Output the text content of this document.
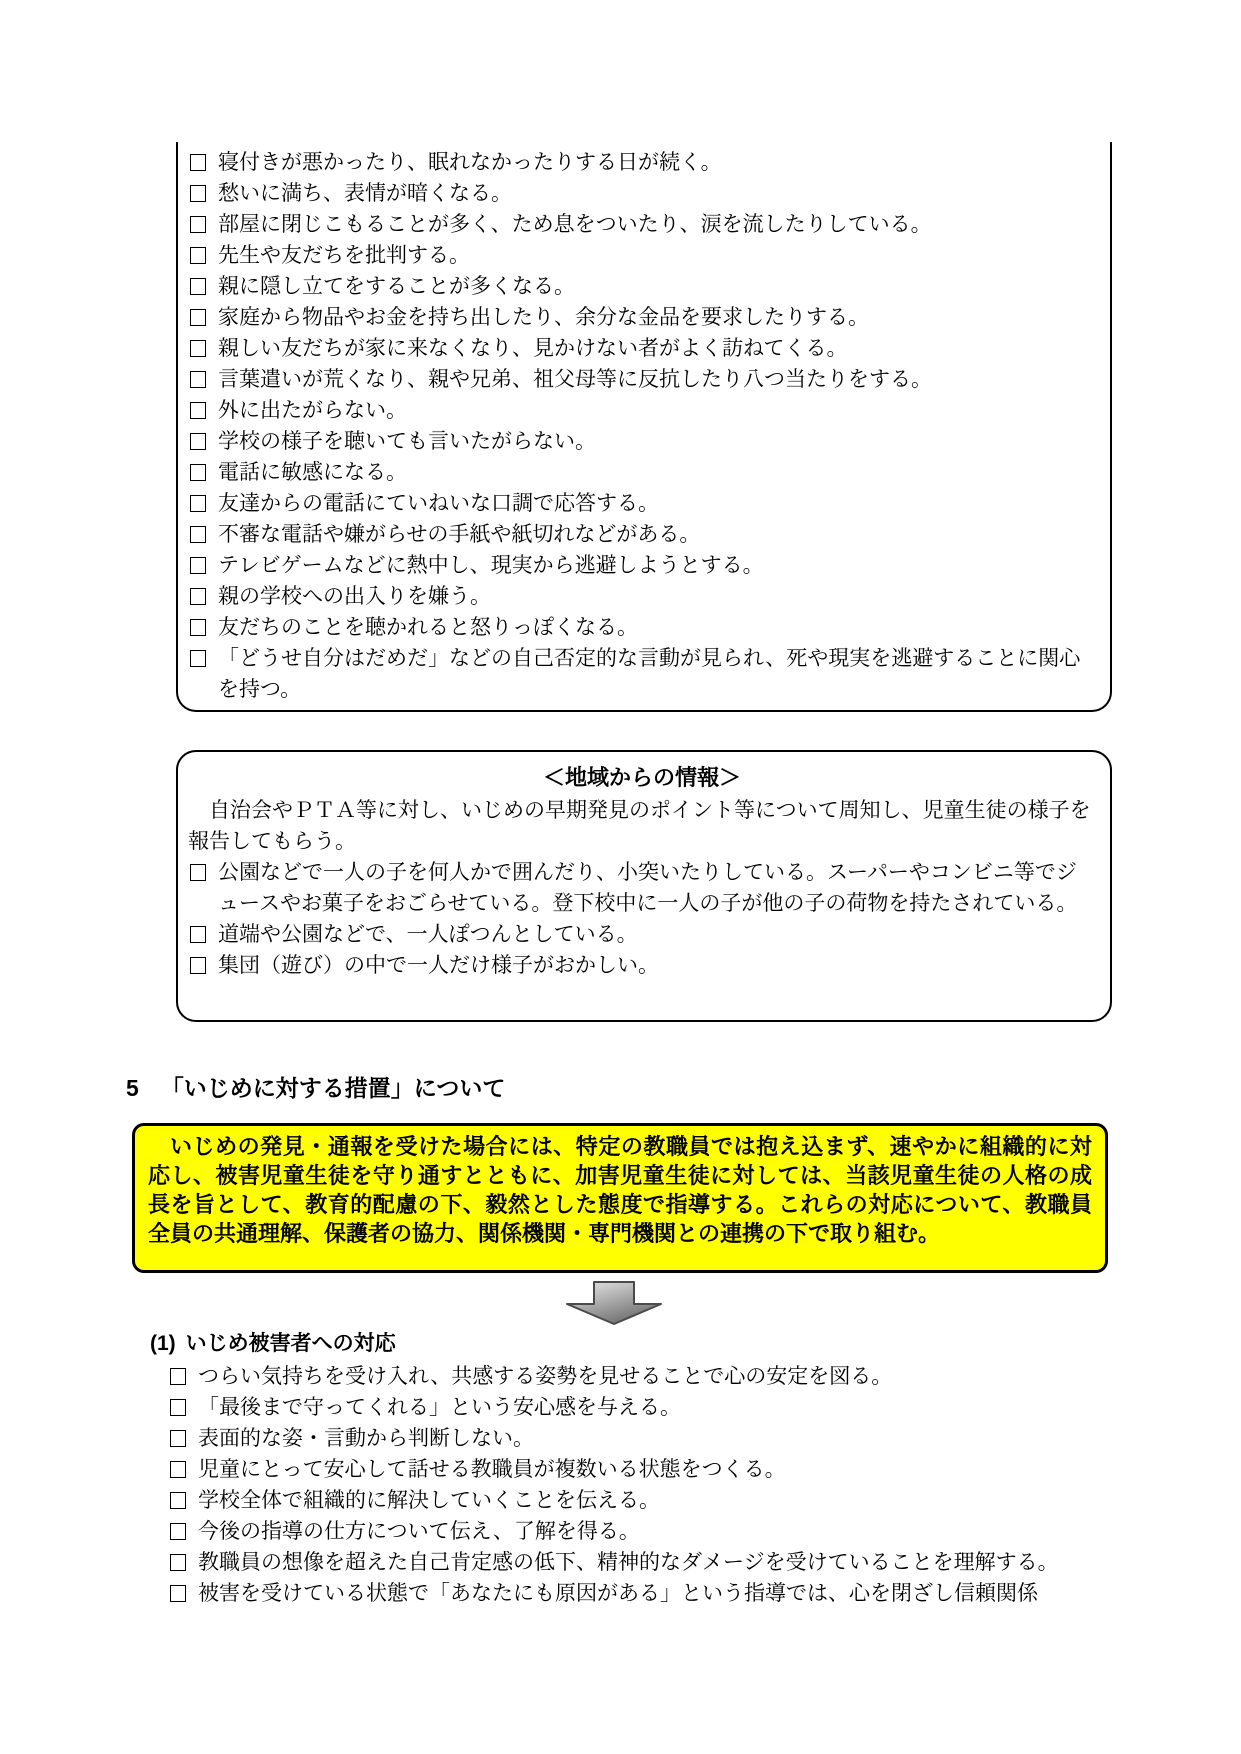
寝付きが悪かったり、眠れなかったりする日が続く。
愁いに満ち、表情が暗くなる。
部屋に閉じこもることが多く、ため息をついたり、涙を流したりしている。
先生や友だちを批判する。
親に隠し立てをすることが多くなる。
家庭から物品やお金を持ち出したり、余分な金品を要求したりする。
親しい友だちが家に来なくなり、見かけない者がよく訪ねてくる。
言葉遣いが荒くなり、親や兄弟、祖父母等に反抗したり八つ当たりをする。
外に出たがらない。
学校の様子を聴いても言いたがらない。
電話に敏感になる。
友達からの電話にていねいな口調で応答する。
不審な電話や嫌がらせの手紙や紙切れなどがある。
テレビゲームなどに熱中し、現実から逃避しようとする。
親の学校への出入りを嫌う。
友だちのことを聴かれると怒りっぽくなる。
「どうせ自分はだめだ」などの自己否定的な言動が見られ、死や現実を逃避することに関心を持つ。
＜地域からの情報＞

自治会やＰＴＡ等に対し、いじめの早期発見のポイント等について周知し、児童生徒の様子を報告してもらう。

公園などで一人の子を何人かで囲んだり、小突いたりしている。スーパーやコンビニ等でジュースやお菓子をおごらせている。登下校中に一人の子が他の子の荷物を持たされている。
道端や公園などで、一人ぽつんとしている。
集団（遊び）の中で一人だけ様子がおかしい。
5 「いじめに対する措置」について
いじめの発見・通報を受けた場合には、特定の教職員では抱え込まず、速やかに組織的に対応し、被害児童生徒を守り通すとともに、加害児童生徒に対しては、当該児童生徒の人格の成長を旨として、教育的配慮の下、毅然とした態度で指導する。これらの対応について、教職員全員の共通理解、保護者の協力、関係機関・専門機関との連携の下で取り組む。
(1) いじめ被害者への対応
つらい気持ちを受け入れ、共感する姿勢を見せることで心の安定を図る。
「最後まで守ってくれる」という安心感を与える。
表面的な姿・言動から判断しない。
児童にとって安心して話せる教職員が複数いる状態をつくる。
学校全体で組織的に解決していくことを伝える。
今後の指導の仕方について伝え、了解を得る。
教職員の想像を超えた自己肯定感の低下、精神的なダメージを受けていることを理解する。
被害を受けている状態で「あなたにも原因がある」という指導では、心を閉ざし信頼関係
